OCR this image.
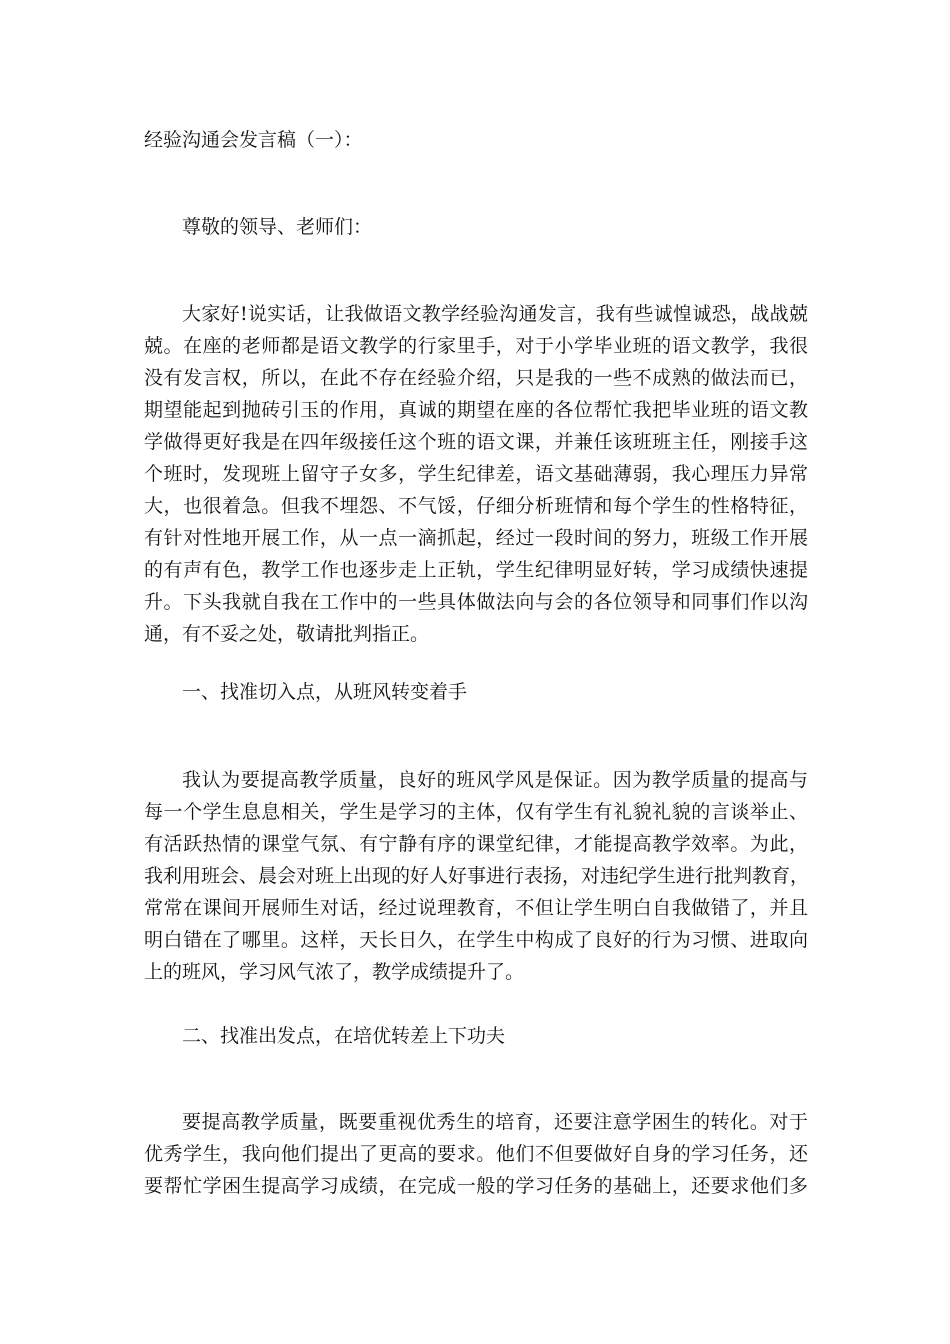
经验沟通会发言稿（一）：
尊敬的领导、老师们：
大家好!说实话，让我做语文教学经验沟通发言，我有些诚惶诚恐，战战兢
兢。在座的老师都是语文教学的行家里手，对于小学毕业班的语文教学，我很
没有发言权，所以，在此不存在经验介绍，只是我的一些不成熟的做法而已，
期望能起到抛砖引玉的作用，真诚的期望在座的各位帮忙我把毕业班的语文教
学做得更好我是在四年级接任这个班的语文课，并兼任该班班主任，刚接手这
个班时，发现班上留守子女多，学生纪律差，语文基础薄弱，我心理压力异常
大，也很着急。但我不埋怨、不气馁，仔细分析班情和每个学生的性格特征，
有针对性地开展工作，从一点一滴抓起，经过一段时间的努力，班级工作开展
的有声有色，教学工作也逐步走上正轨，学生纪律明显好转，学习成绩快速提
升。下头我就自我在工作中的一些具体做法向与会的各位领导和同事们作以沟
通，有不妥之处，敬请批判指正。
一、找准切入点，从班风转变着手
我认为要提高教学质量，良好的班风学风是保证。因为教学质量的提高与
每一个学生息息相关，学生是学习的主体，仅有学生有礼貌礼貌的言谈举止、
有活跃热情的课堂气氛、有宁静有序的课堂纪律，才能提高教学效率。为此，
我利用班会、晨会对班上出现的好人好事进行表扬，对违纪学生进行批判教育，
常常在课间开展师生对话，经过说理教育，不但让学生明白自我做错了，并且
明白错在了哪里。这样，天长日久，在学生中构成了良好的行为习惯、进取向
上的班风，学习风气浓了，教学成绩提升了。
二、找准出发点，在培优转差上下功夫
要提高教学质量，既要重视优秀生的培育，还要注意学困生的转化。对于
优秀学生，我向他们提出了更高的要求。他们不但要做好自身的学习任务，还
要帮忙学困生提高学习成绩，在完成一般的学习任务的基础上，还要求他们多
